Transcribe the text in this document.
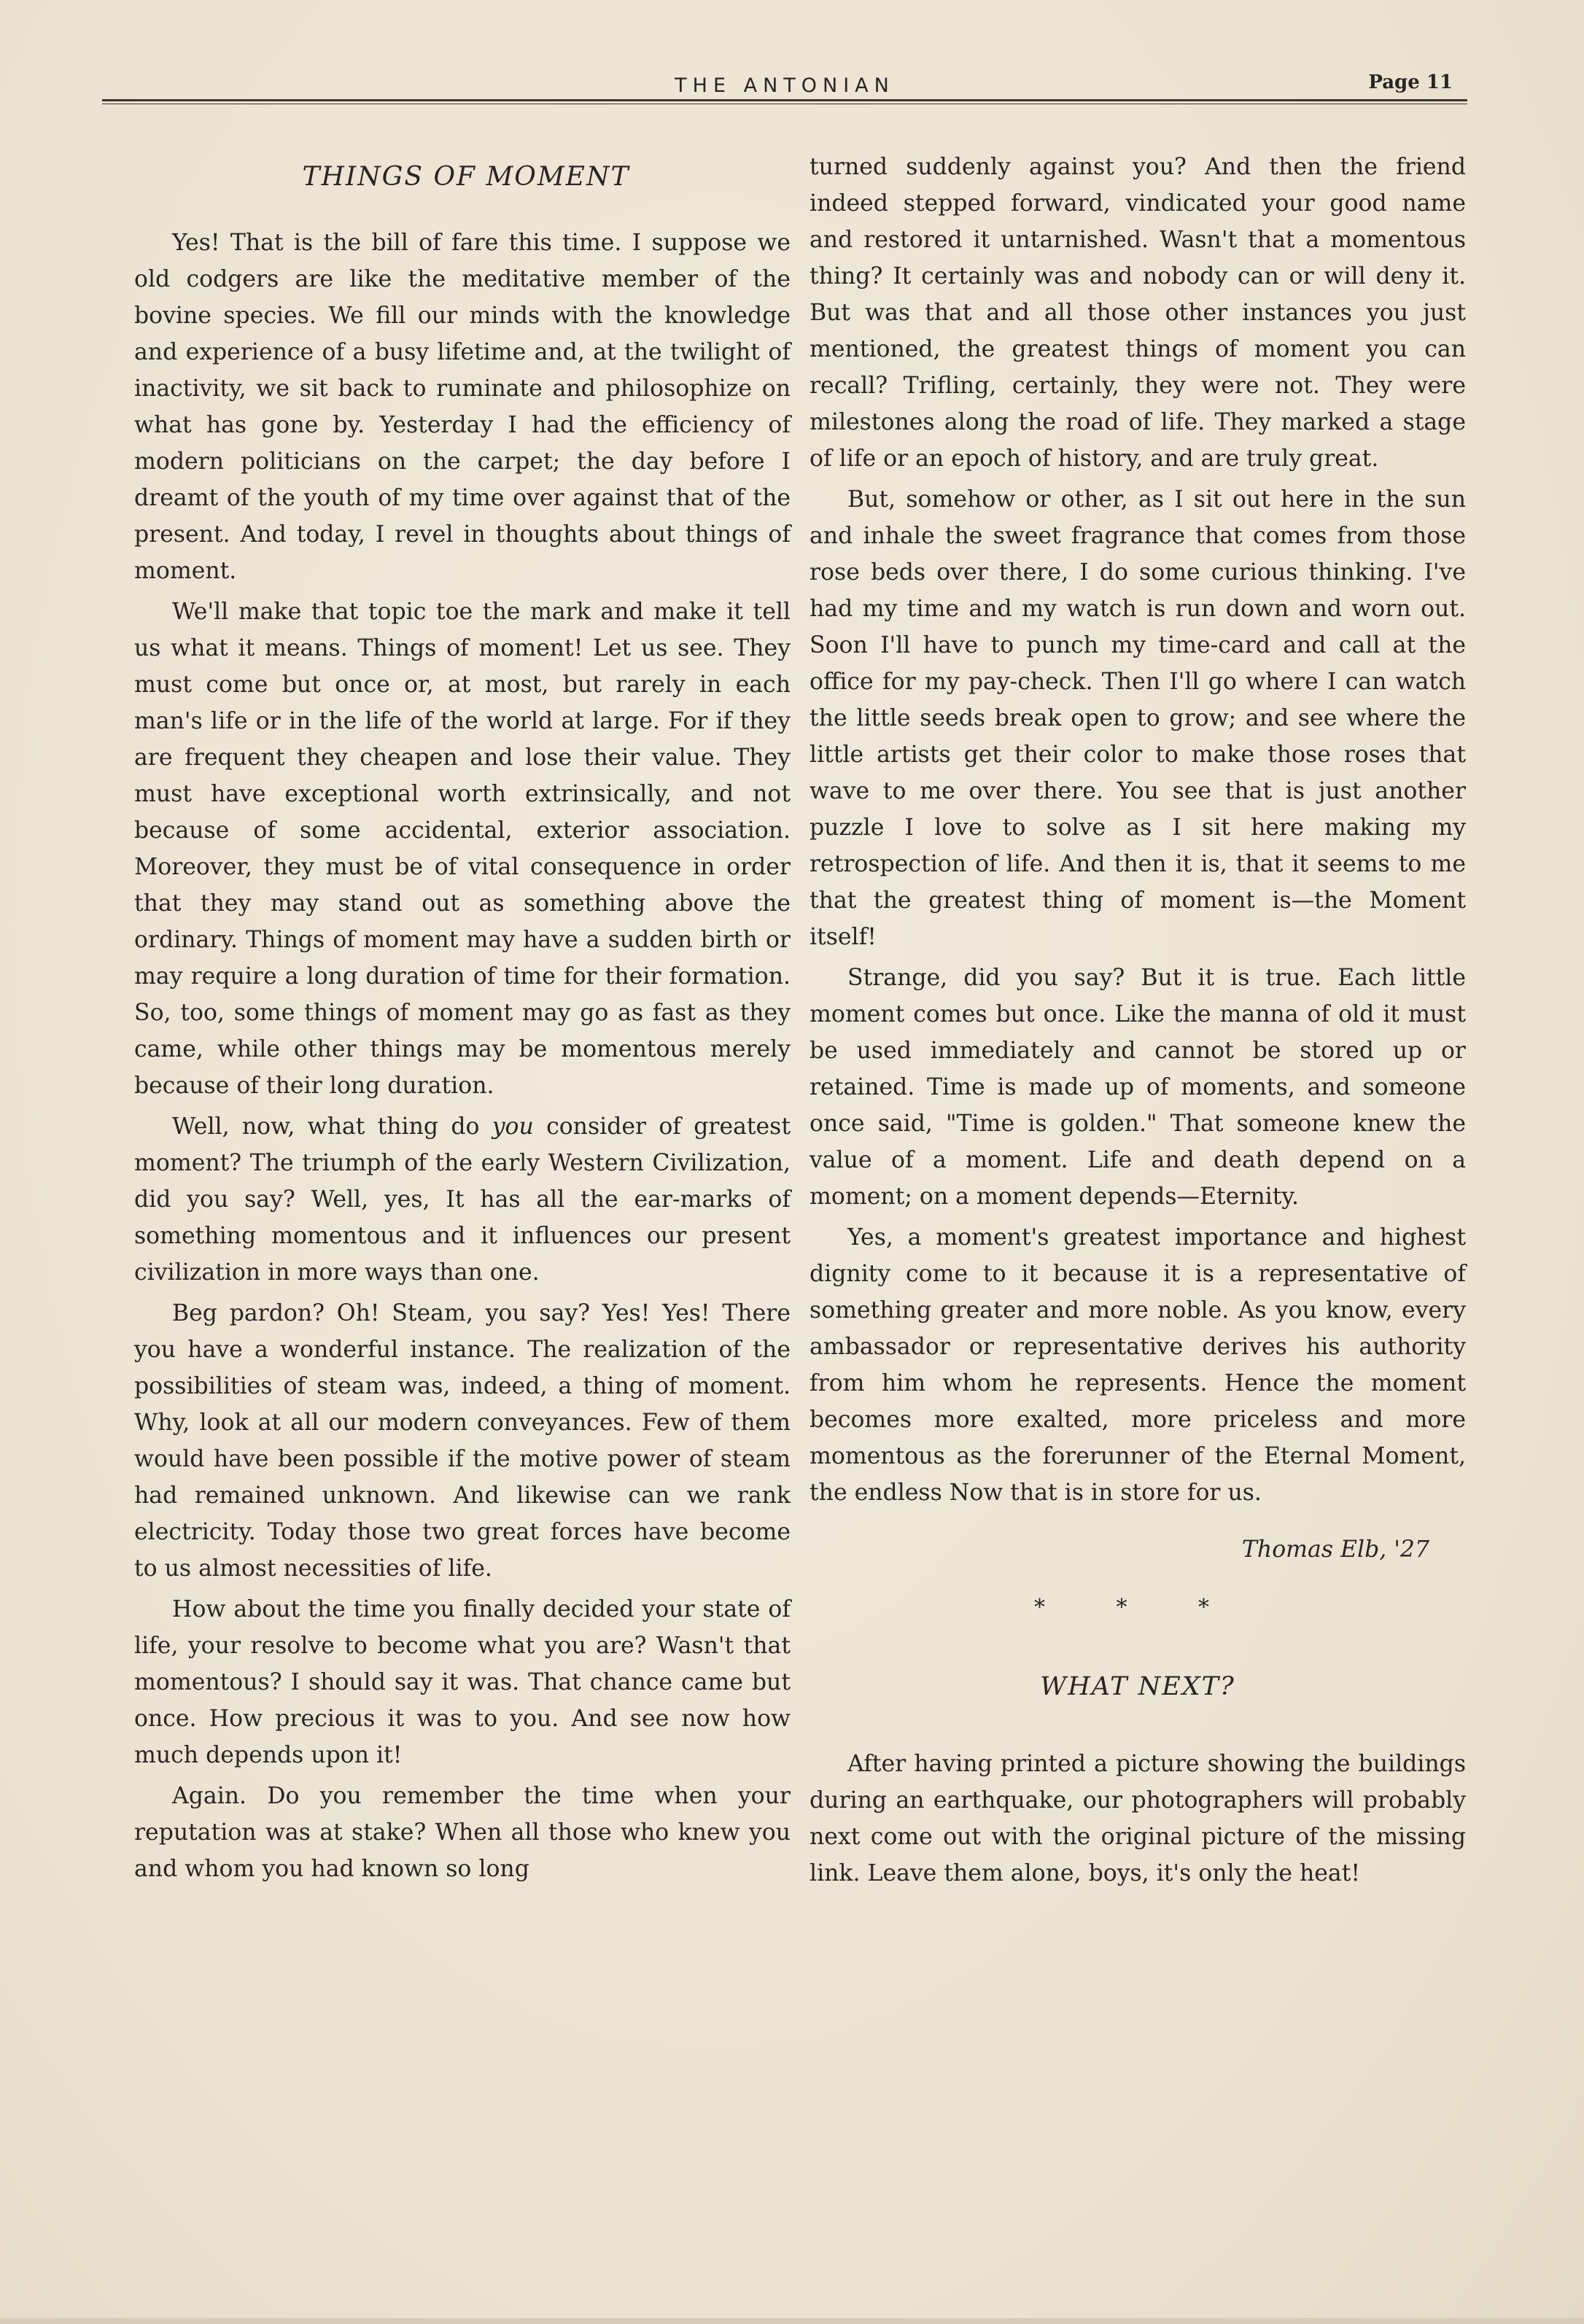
THE ANTONIAN	Page 11
THINGS OF MOMENT

Yes! That is the bill of fare this time. I suppose we old codgers are like the meditative member of the bovine species. We fill our minds with the knowledge and experience of a busy lifetime and, at the twilight of inactivity, we sit back to ruminate and philosophize on what has gone by. Yesterday I had the efficiency of modern politicians on the carpet; the day before I dreamt of the youth of my time over against that of the present. And today, I revel in thoughts about things of moment.

We'll make that topic toe the mark and make it tell us what it means. Things of moment! Let us see. They must come but once or, at most, but rarely in each man's life or in the life of the world at large. For if they are frequent they cheapen and lose their value. They must have exceptional worth extrinsically, and not because of some accidental, exterior association. Moreover, they must be of vital consequence in order that they may stand out as something above the ordinary. Things of moment may have a sudden birth or may require a long duration of time for their formation. So, too, some things of moment may go as fast as they came, while other things may be momentous merely because of their long duration.

Well, now, what thing do you consider of greatest moment? The triumph of the early Western Civilization, did you say? Well, yes, It has all the ear-marks of something momentous and it influences our present civilization in more ways than one.

Beg pardon? Oh! Steam, you say? Yes! Yes! There you have a wonderful instance. The realization of the possibilities of steam was, indeed, a thing of moment. Why, look at all our modern conveyances. Few of them would have been possible if the motive power of steam had remained unknown. And likewise can we rank electricity. Today those two great forces have become to us almost necessities of life.

How about the time you finally decided your state of life, your resolve to become what you are? Wasn't that momentous? I should say it was. That chance came but once. How precious it was to you. And see now how much depends upon it!

Again. Do you remember the time when your reputation was at stake? When all those who knew you and whom you had known so long

turned suddenly against you? And then the friend indeed stepped forward, vindicated your good name and restored it untarnished. Wasn't that a momentous thing? It certainly was and nobody can or will deny it. But was that and all those other instances you just mentioned, the greatest things of moment you can recall? Trifling, certainly, they were not. They were milestones along the road of life. They marked a stage of life or an epoch of history, and are truly great.

But, somehow or other, as I sit out here in the sun and inhale the sweet fragrance that comes from those rose beds over there, I do some curious thinking. I've had my time and my watch is run down and worn out. Soon I'll have to punch my time-card and call at the office for my pay-check. Then I'll go where I can watch the little seeds break open to grow; and see where the little artists get their color to make those roses that wave to me over there. You see that is just another puzzle I love to solve as I sit here making my retrospection of life. And then it is, that it seems to me that the greatest thing of moment is—the Moment itself!

Strange, did you say? But it is true. Each little moment comes but once. Like the manna of old it must be used immediately and cannot be stored up or retained. Time is made up of moments, and someone once said, "Time is golden." That someone knew the value of a moment. Life and death depend on a moment; on a moment depends—Eternity.

Yes, a moment's greatest importance and highest dignity come to it because it is a representative of something greater and more noble. As you know, every ambassador or representative derives his authority from him whom he represents. Hence the moment becomes more exalted, more priceless and more momentous as the forerunner of the Eternal Moment, the endless Now that is in store for us.

Thomas Elb, '27
* * *
WHAT NEXT?

After having printed a picture showing the buildings during an earthquake, our photographers will probably next come out with the original picture of the missing link. Leave them alone, boys, it's only the heat!
